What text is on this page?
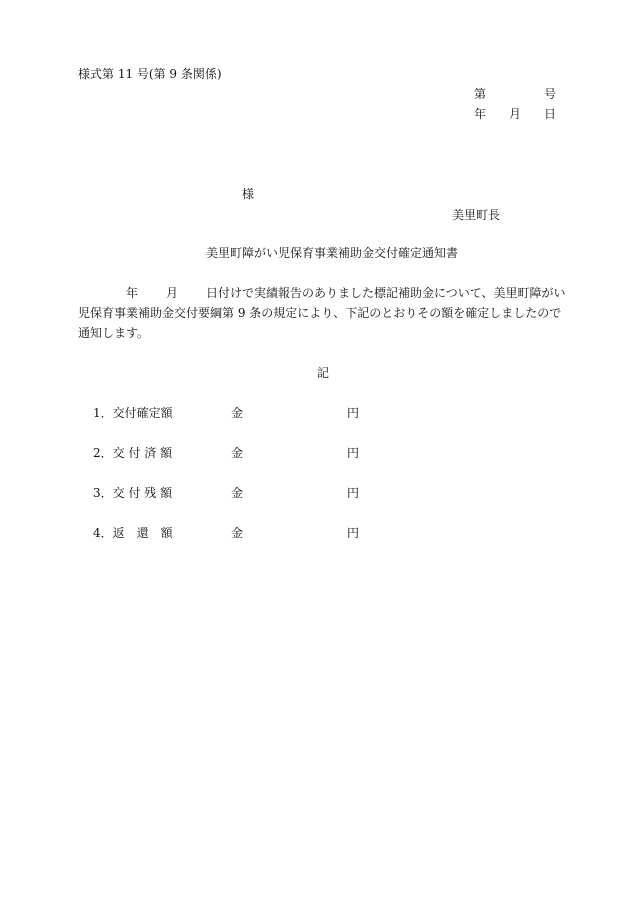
様式第 11 号(第 9 条関係)
第	号
年 月 日
様
美里町長
美里町障がい児保育事業補助金交付確定通知書
年 月 日付けで実績報告のありました標記補助金について、美里町障がい児保育事業補助金交付要綱第 9 条の規定により、下記のとおりその額を確定しましたので通知します。
記
1．交付確定額	金	円
2．交 付 済 額	金	円
3．交 付 残 額	金	円
4．返　還　額	金	円
